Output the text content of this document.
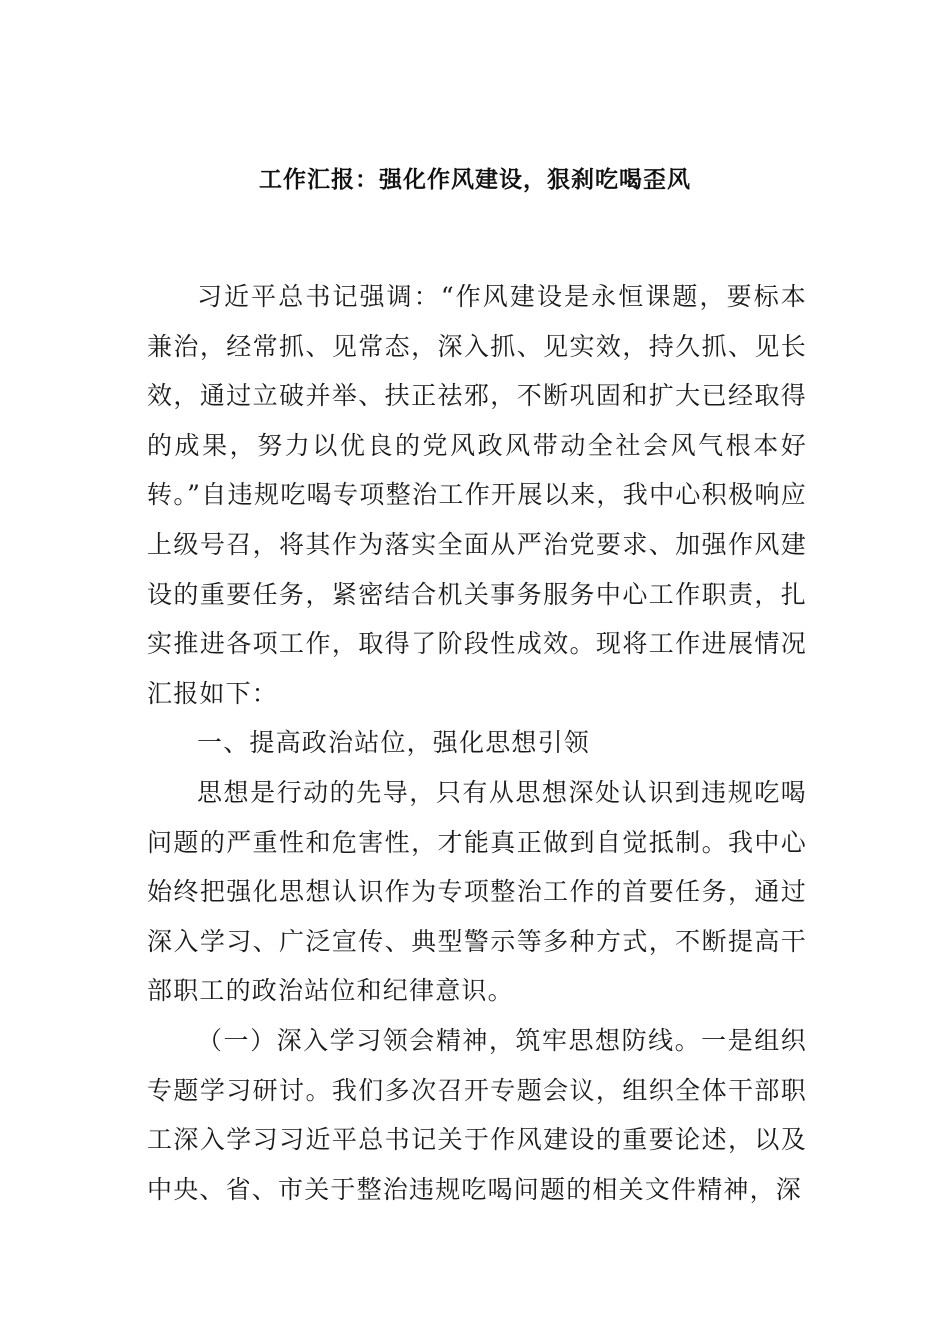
工作汇报：强化作风建设，狠刹吃喝歪风

习近平总书记强调：“作风建设是永恒课题，要标本兼治，经常抓、见常态，深入抓、见实效，持久抓、见长效，通过立破并举、扶正祛邪，不断巩固和扩大已经取得的成果，努力以优良的党风政风带动全社会风气根本好转。”自违规吃喝专项整治工作开展以来，我中心积极响应上级号召，将其作为落实全面从严治党要求、加强作风建设的重要任务，紧密结合机关事务服务中心工作职责，扎实推进各项工作，取得了阶段性成效。现将工作进展情况汇报如下：

一、提高政治站位，强化思想引领

思想是行动的先导，只有从思想深处认识到违规吃喝问题的严重性和危害性，才能真正做到自觉抵制。我中心始终把强化思想认识作为专项整治工作的首要任务，通过深入学习、广泛宣传、典型警示等多种方式，不断提高干部职工的政治站位和纪律意识。

（一）深入学习领会精神，筑牢思想防线。一是组织专题学习研讨。我们多次召开专题会议，组织全体干部职工深入学习习近平总书记关于作风建设的重要论述，以及中央、省、市关于整治违规吃喝问题的相关文件精神，深
